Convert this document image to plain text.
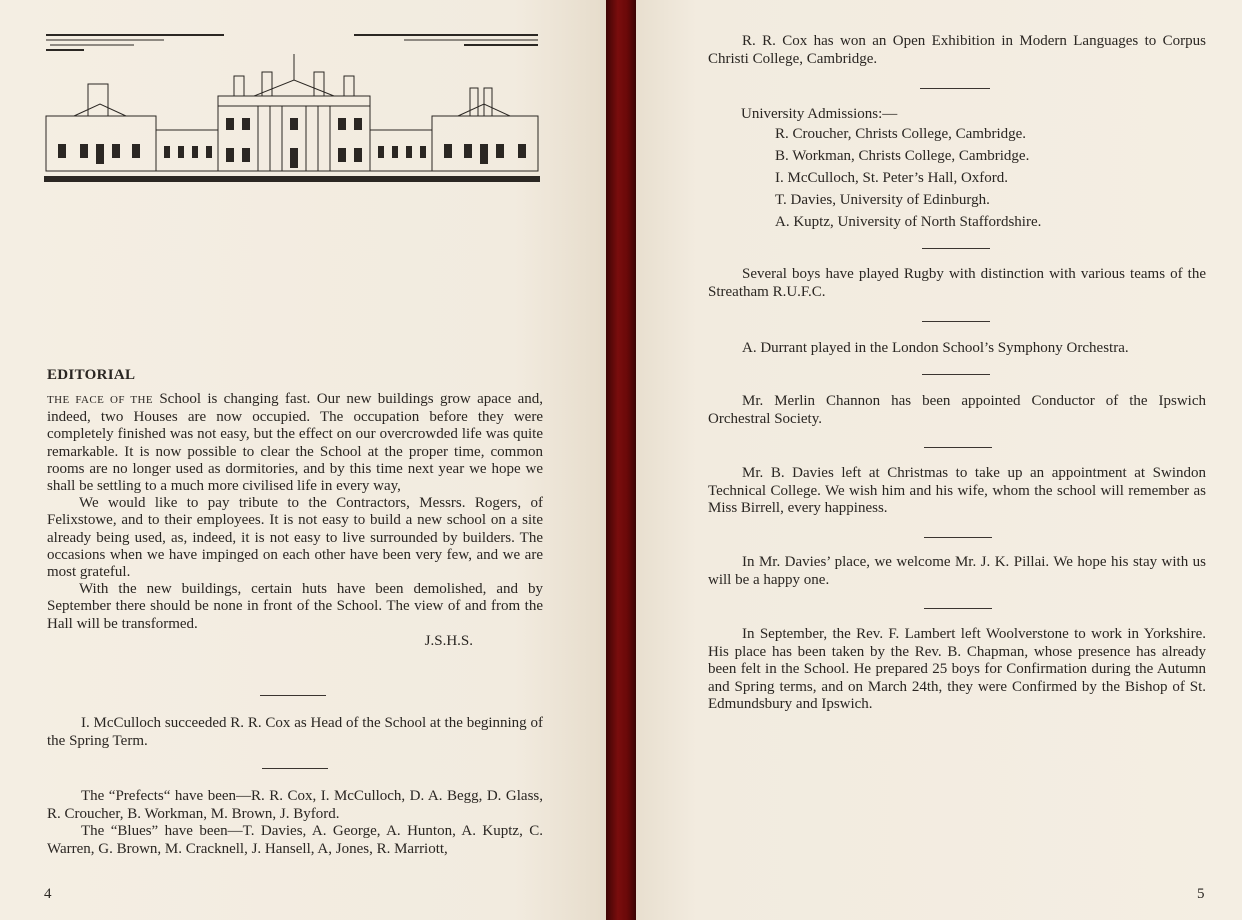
EDITORIAL

THE FACE OF THE School is changing fast. Our new buildings grow apace and, indeed, two Houses are now occupied. The occupation before they were completely finished was not easy, but the effect on our overcrowded life was quite remarkable. It is now possible to clear the School at the proper time, common rooms are no longer used as dormitories, and by this time next year we hope we shall be settling to a much more civilised life in every way,

We would like to pay tribute to the Contractors, Messrs. Rogers, of Felixstowe, and to their employees. It is not easy to build a new school on a site already being used, as, indeed, it is not easy to live surrounded by builders. The occasions when we have impinged on each other have been very few, and we are most grateful.

With the new buildings, certain huts have been demolished, and by September there should be none in front of the School. The view of and from the Hall will be transformed.

J.S.H.S.

I. McCulloch succeeded R. R. Cox as Head of the School at the beginning of the Spring Term.

The “Prefects“ have been—R. R. Cox, I. McCulloch, D. A. Begg, D. Glass, R. Croucher, B. Workman, M. Brown, J. Byford.

The “Blues” have been—T. Davies, A. George, A. Hunton, A. Kuptz, C. Warren, G. Brown, M. Cracknell, J. Hansell, A, Jones, R. Marriott,

4
R. R. Cox has won an Open Exhibition in Modern Languages to Corpus Christi College, Cambridge.
University Admissions:—
R. Croucher, Christs College, Cambridge.
B. Workman, Christs College, Cambridge.
I. McCulloch, St. Peter’s Hall, Oxford.
T. Davies, University of Edinburgh.
A. Kuptz, University of North Staffordshire.
Several boys have played Rugby with distinction with various teams of the Streatham R.U.F.C.
A. Durrant played in the London School’s Symphony Orchestra.
Mr. Merlin Channon has been appointed Conductor of the Ipswich Orchestral Society.
Mr. B. Davies left at Christmas to take up an appointment at Swindon Technical College. We wish him and his wife, whom the school will remember as Miss Birrell, every happiness.
In Mr. Davies’ place, we welcome Mr. J. K. Pillai. We hope his stay with us will be a happy one.
In September, the Rev. F. Lambert left Woolverstone to work in Yorkshire. His place has been taken by the Rev. B. Chapman, whose presence has already been felt in the School. He prepared 25 boys for Confirmation during the Autumn and Spring terms, and on March 24th, they were Confirmed by the Bishop of St. Edmundsbury and Ipswich.
5
